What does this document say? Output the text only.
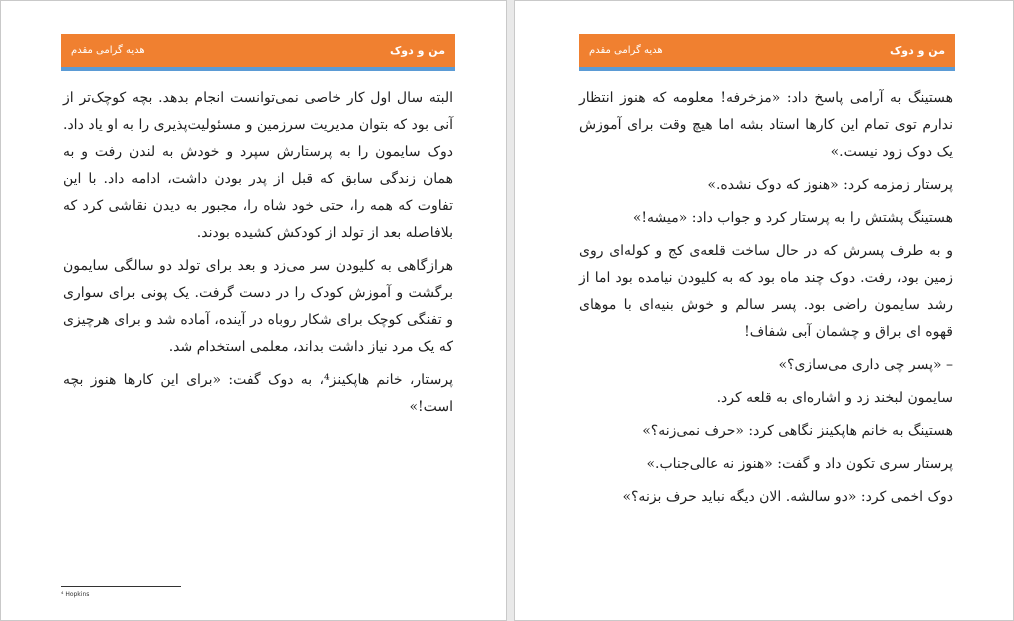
من و دوک
هدیه گرامی مقدم

البته سال اول کار خاصی نمی‌توانست انجام بدهد. بچه کوچک‌تر از آنی بود که بتوان مدیریت سرزمین و مسئولیت‌پذیری را به او یاد داد. دوک سایمون را به پرستارش سپرد و خودش به لندن رفت و به همان زندگی سابق که قبل از پدر بودن داشت، ادامه داد. با این تفاوت که همه را، حتی خود شاه را، مجبور به دیدن نقاشی کرد که بلافاصله بعد از تولد از کودکش کشیده بودند.

هرازگاهی به کلیودن سر می‌زد و بعد برای تولد دو سالگی سایمون برگشت و آموزش کودک را در دست گرفت. یک پونی برای سواری و تفنگی کوچک برای شکار روباه در آینده، آماده شد و برای هرچیزی که یک مرد نیاز داشت بداند، معلمی استخدام شد.

پرستار، خانم هاپکینز⁴، به دوک گفت: «برای این کارها هنوز بچه است!»

⁴ Hopkins
من و دوک
هدیه گرامی مقدم

هستینگ به آرامی پاسخ داد: «مزخرفه! معلومه که هنوز انتظار ندارم توی تمام این کارها استاد بشه اما هیچ وقت برای آموزش یک دوک زود نیست.»

پرستار زمزمه کرد: «هنوز که دوک نشده.»

هستینگ پشتش را به پرستار کرد و جواب داد: «میشه!»

و به طرف پسرش که در حال ساخت قلعه‌ی کج و کوله‌ای روی زمین بود، رفت. دوک چند ماه بود که به کلیودن نیامده بود اما از رشد سایمون راضی بود. پسر سالم و خوش بنیه‌ای با موهای قهوه ای براق و چشمان آبی شفاف!

– «پسر چی داری می‌سازی؟»

سایمون لبخند زد و اشاره‌ای به قلعه کرد.

هستینگ به خانم هاپکینز نگاهی کرد: «حرف نمی‌زنه؟»

پرستار سری تکون داد و گفت: «هنوز نه عالی‌جناب.»

دوک اخمی کرد: «دو سالشه. الان دیگه نباید حرف بزنه؟»
